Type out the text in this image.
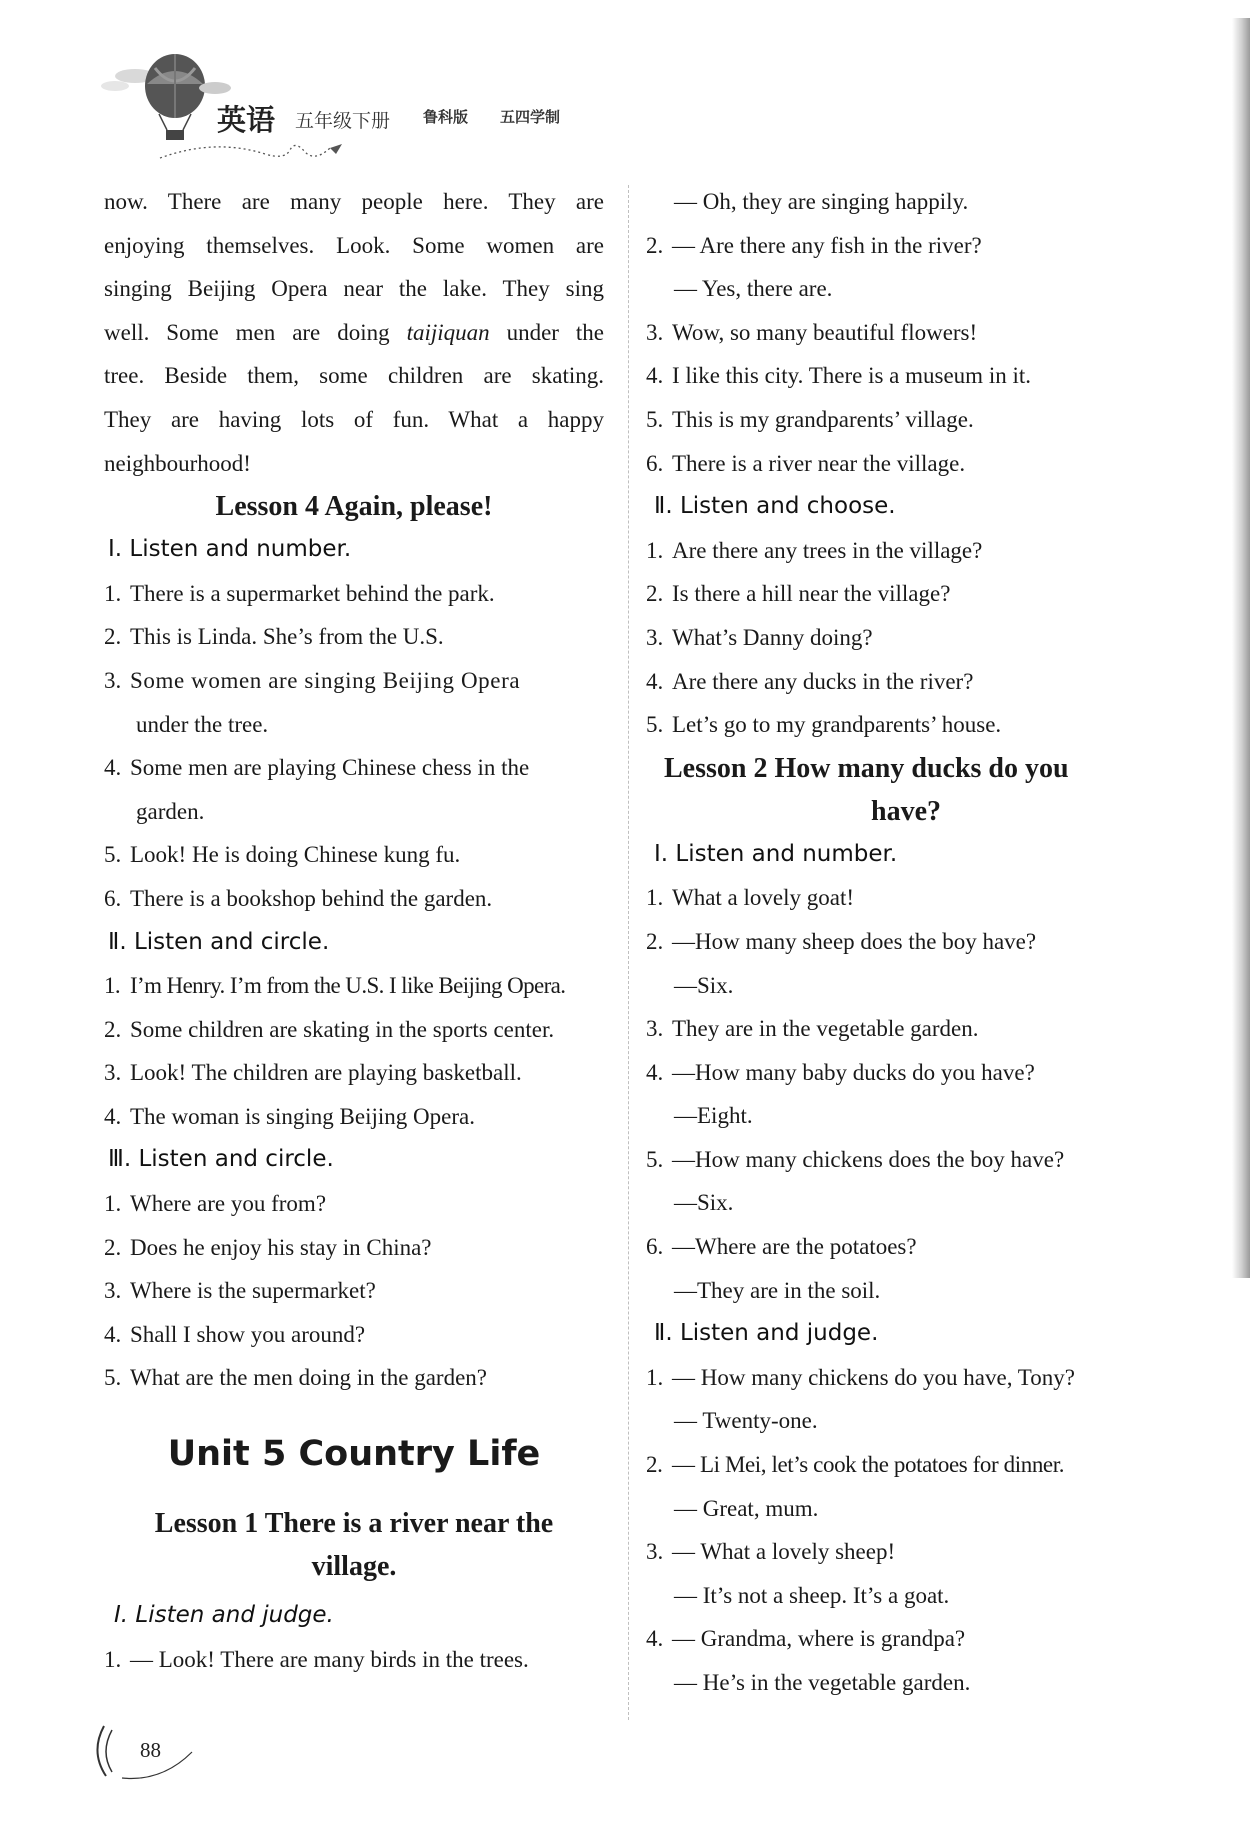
英语 五年级下册 鲁科版 五四学制
now. There are many people here. They are
enjoying themselves. Look. Some women are
singing Beijing Opera near the lake. They sing
well. Some men are doing taijiquan under the
tree. Beside them, some children are skating.
They are having lots of fun. What a happy
neighbourhood!
Lesson 4 Again, please!
Ⅰ. Listen and number.
1. There is a supermarket behind the park.
2. This is Linda. She’s from the U.S.
3. Some women are singing Beijing Opera
under the tree.
4. Some men are playing Chinese chess in the
garden.
5. Look! He is doing Chinese kung fu.
6. There is a bookshop behind the garden.
Ⅱ. Listen and circle.
1. I’m Henry. I’m from the U.S. I like Beijing Opera.
2. Some children are skating in the sports center.
3. Look! The children are playing basketball.
4. The woman is singing Beijing Opera.
Ⅲ. Listen and circle.
1. Where are you from?
2. Does he enjoy his stay in China?
3. Where is the supermarket?
4. Shall I show you around?
5. What are the men doing in the garden?
Unit 5 Country Life
Lesson 1 There is a river near the
village.
Ⅰ. Listen and judge.
1. — Look! There are many birds in the trees.
— Oh, they are singing happily.
2. — Are there any fish in the river?
— Yes, there are.
3. Wow, so many beautiful flowers!
4. I like this city. There is a museum in it.
5. This is my grandparents’ village.
6. There is a river near the village.
Ⅱ. Listen and choose.
1. Are there any trees in the village?
2. Is there a hill near the village?
3. What’s Danny doing?
4. Are there any ducks in the river?
5. Let’s go to my grandparents’ house.
Lesson 2 How many ducks do you
have?
Ⅰ. Listen and number.
1. What a lovely goat!
2. —How many sheep does the boy have?
—Six.
3. They are in the vegetable garden.
4. —How many baby ducks do you have?
—Eight.
5. —How many chickens does the boy have?
—Six.
6. —Where are the potatoes?
—They are in the soil.
Ⅱ. Listen and judge.
1. — How many chickens do you have, Tony?
— Twenty-one.
2. — Li Mei, let’s cook the potatoes for dinner.
— Great, mum.
3. — What a lovely sheep!
— It’s not a sheep. It’s a goat.
4. — Grandma, where is grandpa?
— He’s in the vegetable garden.
88
